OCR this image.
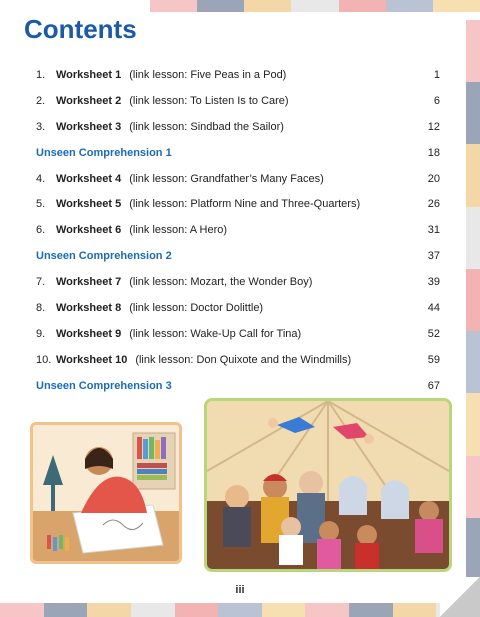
Contents
1. Worksheet 1 (link lesson: Five Peas in a Pod)	1
2. Worksheet 2 (link lesson: To Listen Is to Care)	6
3. Worksheet 3 (link lesson: Sindbad the Sailor)	12
Unseen Comprehension 1	18
4. Worksheet 4 (link lesson: Grandfather’s Many Faces)	20
5. Worksheet 5 (link lesson: Platform Nine and Three-Quarters)	26
6. Worksheet 6 (link lesson: A Hero)	31
Unseen Comprehension 2	37
7. Worksheet 7 (link lesson: Mozart, the Wonder Boy)	39
8. Worksheet 8 (link lesson: Doctor Dolittle)	44
9. Worksheet 9 (link lesson: Wake-Up Call for Tina)	52
10. Worksheet 10 (link lesson: Don Quixote and the Windmills)	59
Unseen Comprehension 3	67
iii
